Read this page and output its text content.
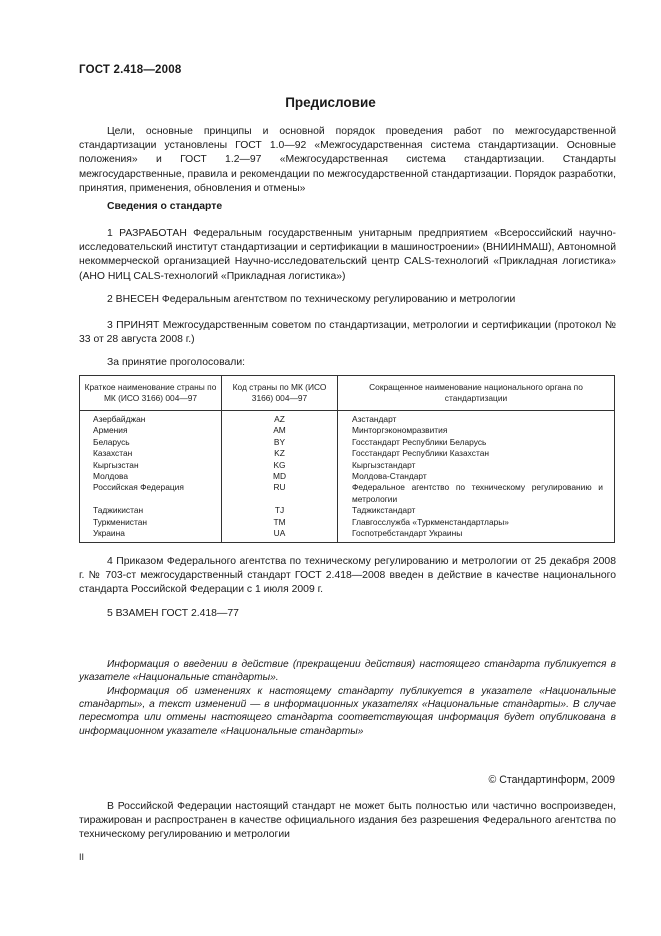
ГОСТ 2.418—2008
Предисловие

Цели, основные принципы и основной порядок проведения работ по межгосударственной стандартизации установлены ГОСТ 1.0—92 «Межгосударственная система стандартизации. Основные положения» и ГОСТ 1.2—97 «Межгосударственная система стандартизации. Стандарты межгосударственные, правила и рекомендации по межгосударственной стандартизации. Порядок разработки, принятия, применения, обновления и отмены»

Сведения о стандарте

1 РАЗРАБОТАН Федеральным государственным унитарным предприятием «Всероссийский научно-исследовательский институт стандартизации и сертификации в машиностроении» (ВНИИНМАШ), Автономной некоммерческой организацией Научно-исследовательский центр CALS-технологий «Прикладная логистика» (АНО НИЦ CALS-технологий «Прикладная логистика»)

2 ВНЕСЕН Федеральным агентством по техническому регулированию и метрологии

3 ПРИНЯТ Межгосударственным советом по стандартизации, метрологии и сертификации (протокол № 33 от 28 августа 2008 г.)

За принятие проголосовали:

Краткое наименование страны по МК (ИСО 3166) 004—97	Код страны по МК (ИСО 3166) 004—97	Сокращенное наименование национального органа по стандартизации
Азербайджан	AZ	Азстандарт
Армения	AM	Минторгэкономразвития
Беларусь	BY	Госстандарт Республики Беларусь
Казахстан	KZ	Госстандарт Республики Казахстан
Кыргызстан	KG	Кыргызстандарт
Молдова	MD	Молдова-Стандарт
Российская Федерация	RU	Федеральное агентство по техническому регулированию и метрологии
Таджикистан	TJ	Таджикстандарт
Туркменистан	TM	Главгосслужба «Туркменстандартлары»
Украина	UA	Госпотребстандарт Украины

4 Приказом Федерального агентства по техническому регулированию и метрологии от 25 декабря 2008 г. № 703-ст межгосударственный стандарт ГОСТ 2.418—2008 введен в действие в качестве национального стандарта Российской Федерации с 1 июля 2009 г.

5 ВЗАМЕН ГОСТ 2.418—77

Информация о введении в действие (прекращении действия) настоящего стандарта публикуется в указателе «Национальные стандарты».

Информация об изменениях к настоящему стандарту публикуется в указателе «Национальные стандарты», а текст изменений — в информационных указателях «Национальные стандарты». В случае пересмотра или отмены настоящего стандарта соответствующая информация будет опубликована в информационном указателе «Национальные стандарты»

© Стандартинформ, 2009

В Российской Федерации настоящий стандарт не может быть полностью или частично воспроизведен, тиражирован и распространен в качестве официального издания без разрешения Федерального агентства по техническому регулированию и метрологии

II
